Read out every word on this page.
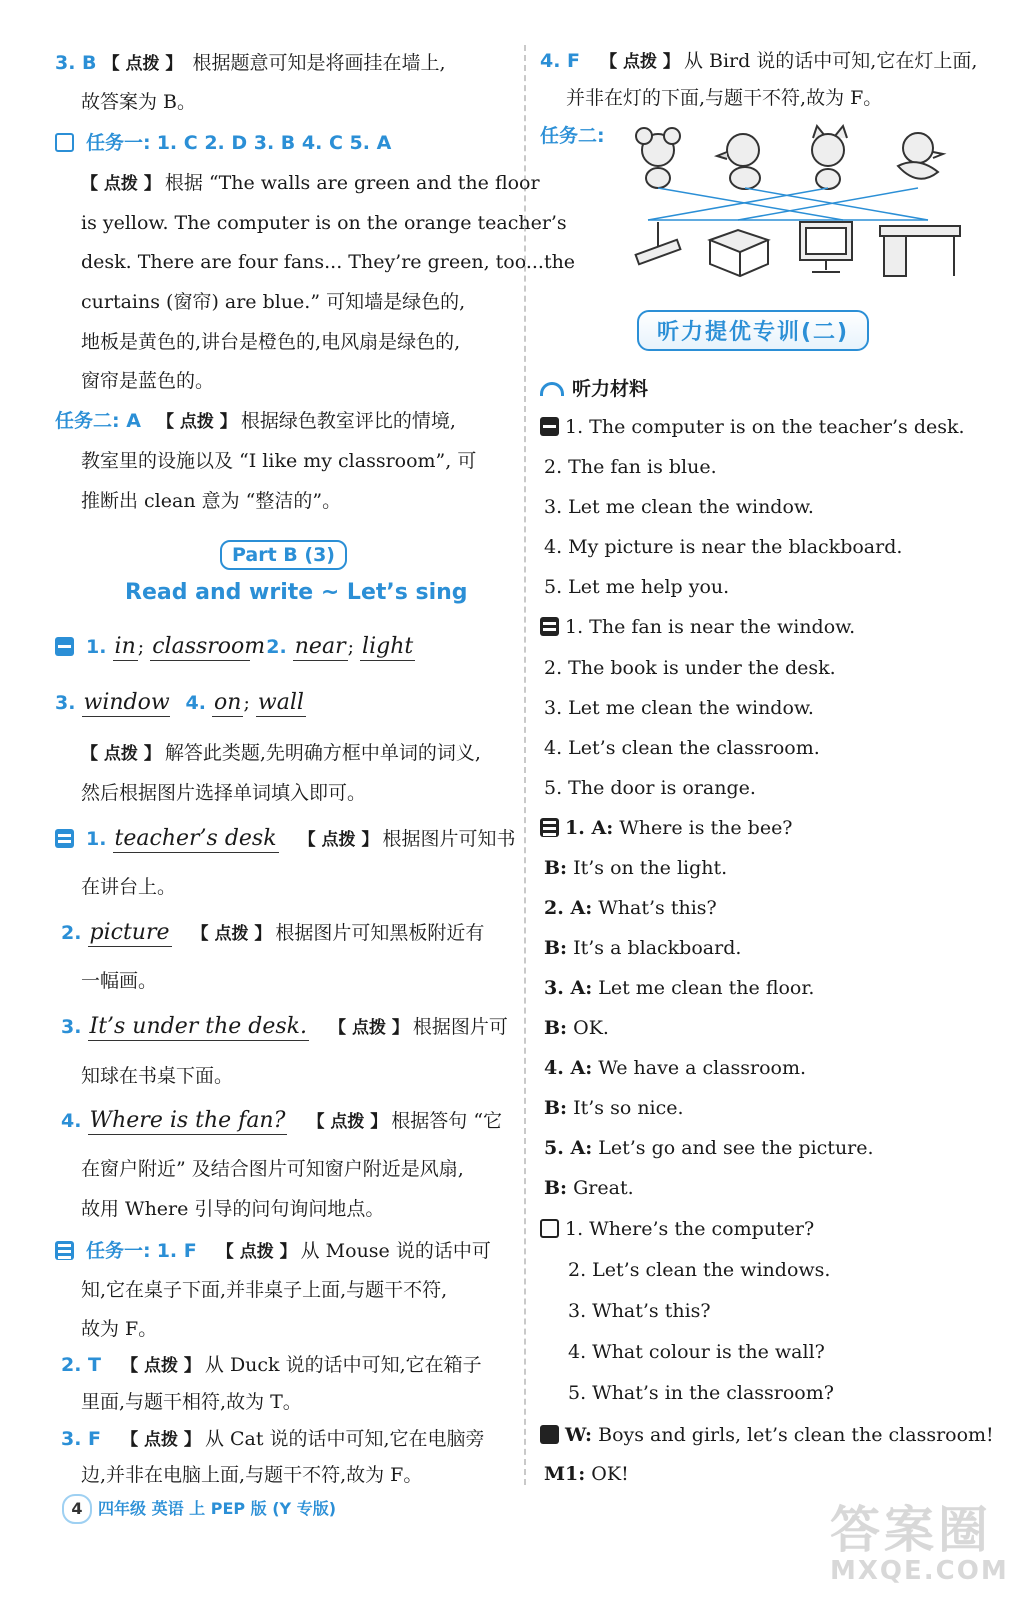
3. B 【 点拨 】 根据题意可知是将画挂在墙上,
故答案为 B。
任务一: 1. C 2. D 3. B 4. C 5. A
【 点拨 】 根据 “The walls are green and the floor
is yellow. The computer is on the orange teacher’s
desk. There are four fans... They’re green, too...the
curtains (窗帘) are blue.” 可知墙是绿色的,
地板是黄色的,讲台是橙色的,电风扇是绿色的,
窗帘是蓝色的。
任务二: A 【 点拨 】 根据绿色教室评比的情境,
教室里的设施以及 “I like my classroom”, 可
推断出 clean 意为 “整洁的”。
Part B (3)
Read and write ~ Let’s sing
1. in ; classroom 2. near ; light
3. window 4. on ; wall
【 点拨 】 解答此类题,先明确方框中单词的词义,
然后根据图片选择单词填入即可。
1. teacher’s desk 【 点拨 】 根据图片可知书
在讲台上。
2. picture 【 点拨 】 根据图片可知黑板附近有
一幅画。
3. It’s under the desk. 【 点拨 】 根据图片可
知球在书桌下面。
4. Where is the fan? 【 点拨 】 根据答句 “它
在窗户附近” 及结合图片可知窗户附近是风扇,
故用 Where 引导的问句询问地点。
任务一: 1. F 【 点拨 】 从 Mouse 说的话中可
知,它在桌子下面,并非桌子上面,与题干不符,
故为 F。
2. T 【 点拨 】 从 Duck 说的话中可知,它在箱子
里面,与题干相符,故为 T。
3. F 【 点拨 】 从 Cat 说的话中可知,它在电脑旁
边,并非在电脑上面,与题干不符,故为 F。
4. F 【 点拨 】 从 Bird 说的话中可知,它在灯上面,
并非在灯的下面,与题干不符,故为 F。
任务二:
听力提优专训(二)
听力材料
1. The computer is on the teacher’s desk.
2. The fan is blue.
3. Let me clean the window.
4. My picture is near the blackboard.
5. Let me help you.
1. The fan is near the window.
2. The book is under the desk.
3. Let me clean the window.
4. Let’s clean the classroom.
5. The door is orange.
1. A: Where is the bee?
B: It’s on the light.
2. A: What’s this?
B: It’s a blackboard.
3. A: Let me clean the floor.
B: OK.
4. A: We have a classroom.
B: It’s so nice.
5. A: Let’s go and see the picture.
B: Great.
1. Where’s the computer?
2. Let’s clean the windows.
3. What’s this?
4. What colour is the wall?
5. What’s in the classroom?
W: Boys and girls, let’s clean the classroom!
M1: OK!
4 四年级 英语 上 PEP 版 (Y 专版)	答案圈
MXQE.COM
